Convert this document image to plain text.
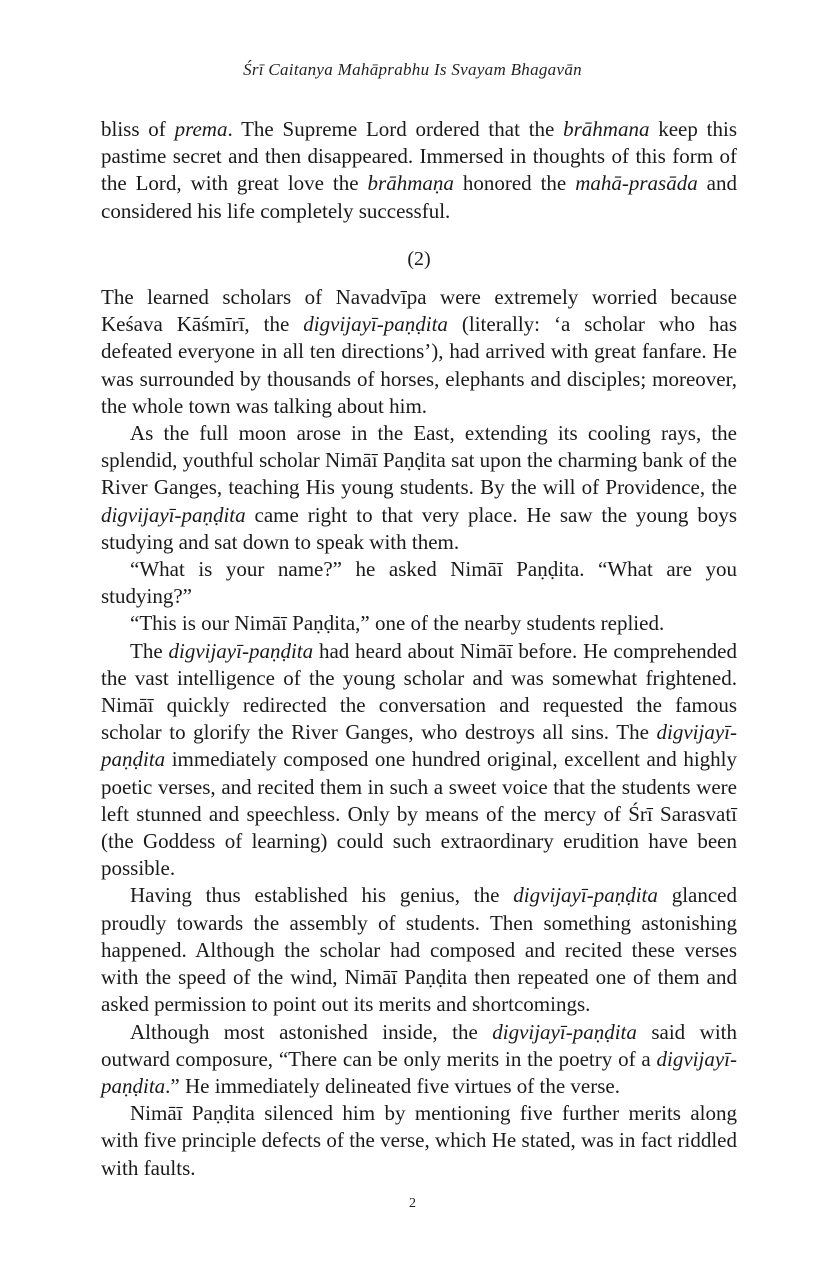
Śrī Caitanya Mahāprabhu Is Svayam Bhagavān

bliss of prema. The Supreme Lord ordered that the brāhmana keep this pastime secret and then disappeared. Immersed in thoughts of this form of the Lord, with great love the brāhmaṇa honored the mahā-prasāda and considered his life completely successful.

(2)

The learned scholars of Navadvīpa were extremely worried because Keśava Kāśmīrī, the digvijayī-paṇḍita (literally: ‘a scholar who has defeated everyone in all ten directions’), had arrived with great fanfare. He was surrounded by thousands of horses, elephants and disciples; moreover, the whole town was talking about him.

As the full moon arose in the East, extending its cooling rays, the splendid, youthful scholar Nimāī Paṇḍita sat upon the charming bank of the River Ganges, teaching His young students. By the will of Providence, the digvijayī-paṇḍita came right to that very place. He saw the young boys studying and sat down to speak with them.

“What is your name?” he asked Nimāī Paṇḍita. “What are you studying?”

“This is our Nimāī Paṇḍita,” one of the nearby students replied.

The digvijayī-paṇḍita had heard about Nimāī before. He comprehended the vast intelligence of the young scholar and was somewhat frightened. Nimāī quickly redirected the conversation and requested the famous scholar to glorify the River Ganges, who destroys all sins. The digvijayī-paṇḍita immediately composed one hundred original, excellent and highly poetic verses, and recited them in such a sweet voice that the students were left stunned and speechless. Only by means of the mercy of Śrī Sarasvatī (the Goddess of learning) could such extraordinary erudition have been possible.

Having thus established his genius, the digvijayī-paṇḍita glanced proudly towards the assembly of students. Then something astonishing happened. Although the scholar had composed and recited these verses with the speed of the wind, Nimāī Paṇḍita then repeated one of them and asked permission to point out its merits and shortcomings.

Although most astonished inside, the digvijayī-paṇḍita said with outward composure, “There can be only merits in the poetry of a digvijayī-paṇḍita.” He immediately delineated five virtues of the verse.

Nimāī Paṇḍita silenced him by mentioning five further merits along with five principle defects of the verse, which He stated, was in fact riddled with faults.

2
